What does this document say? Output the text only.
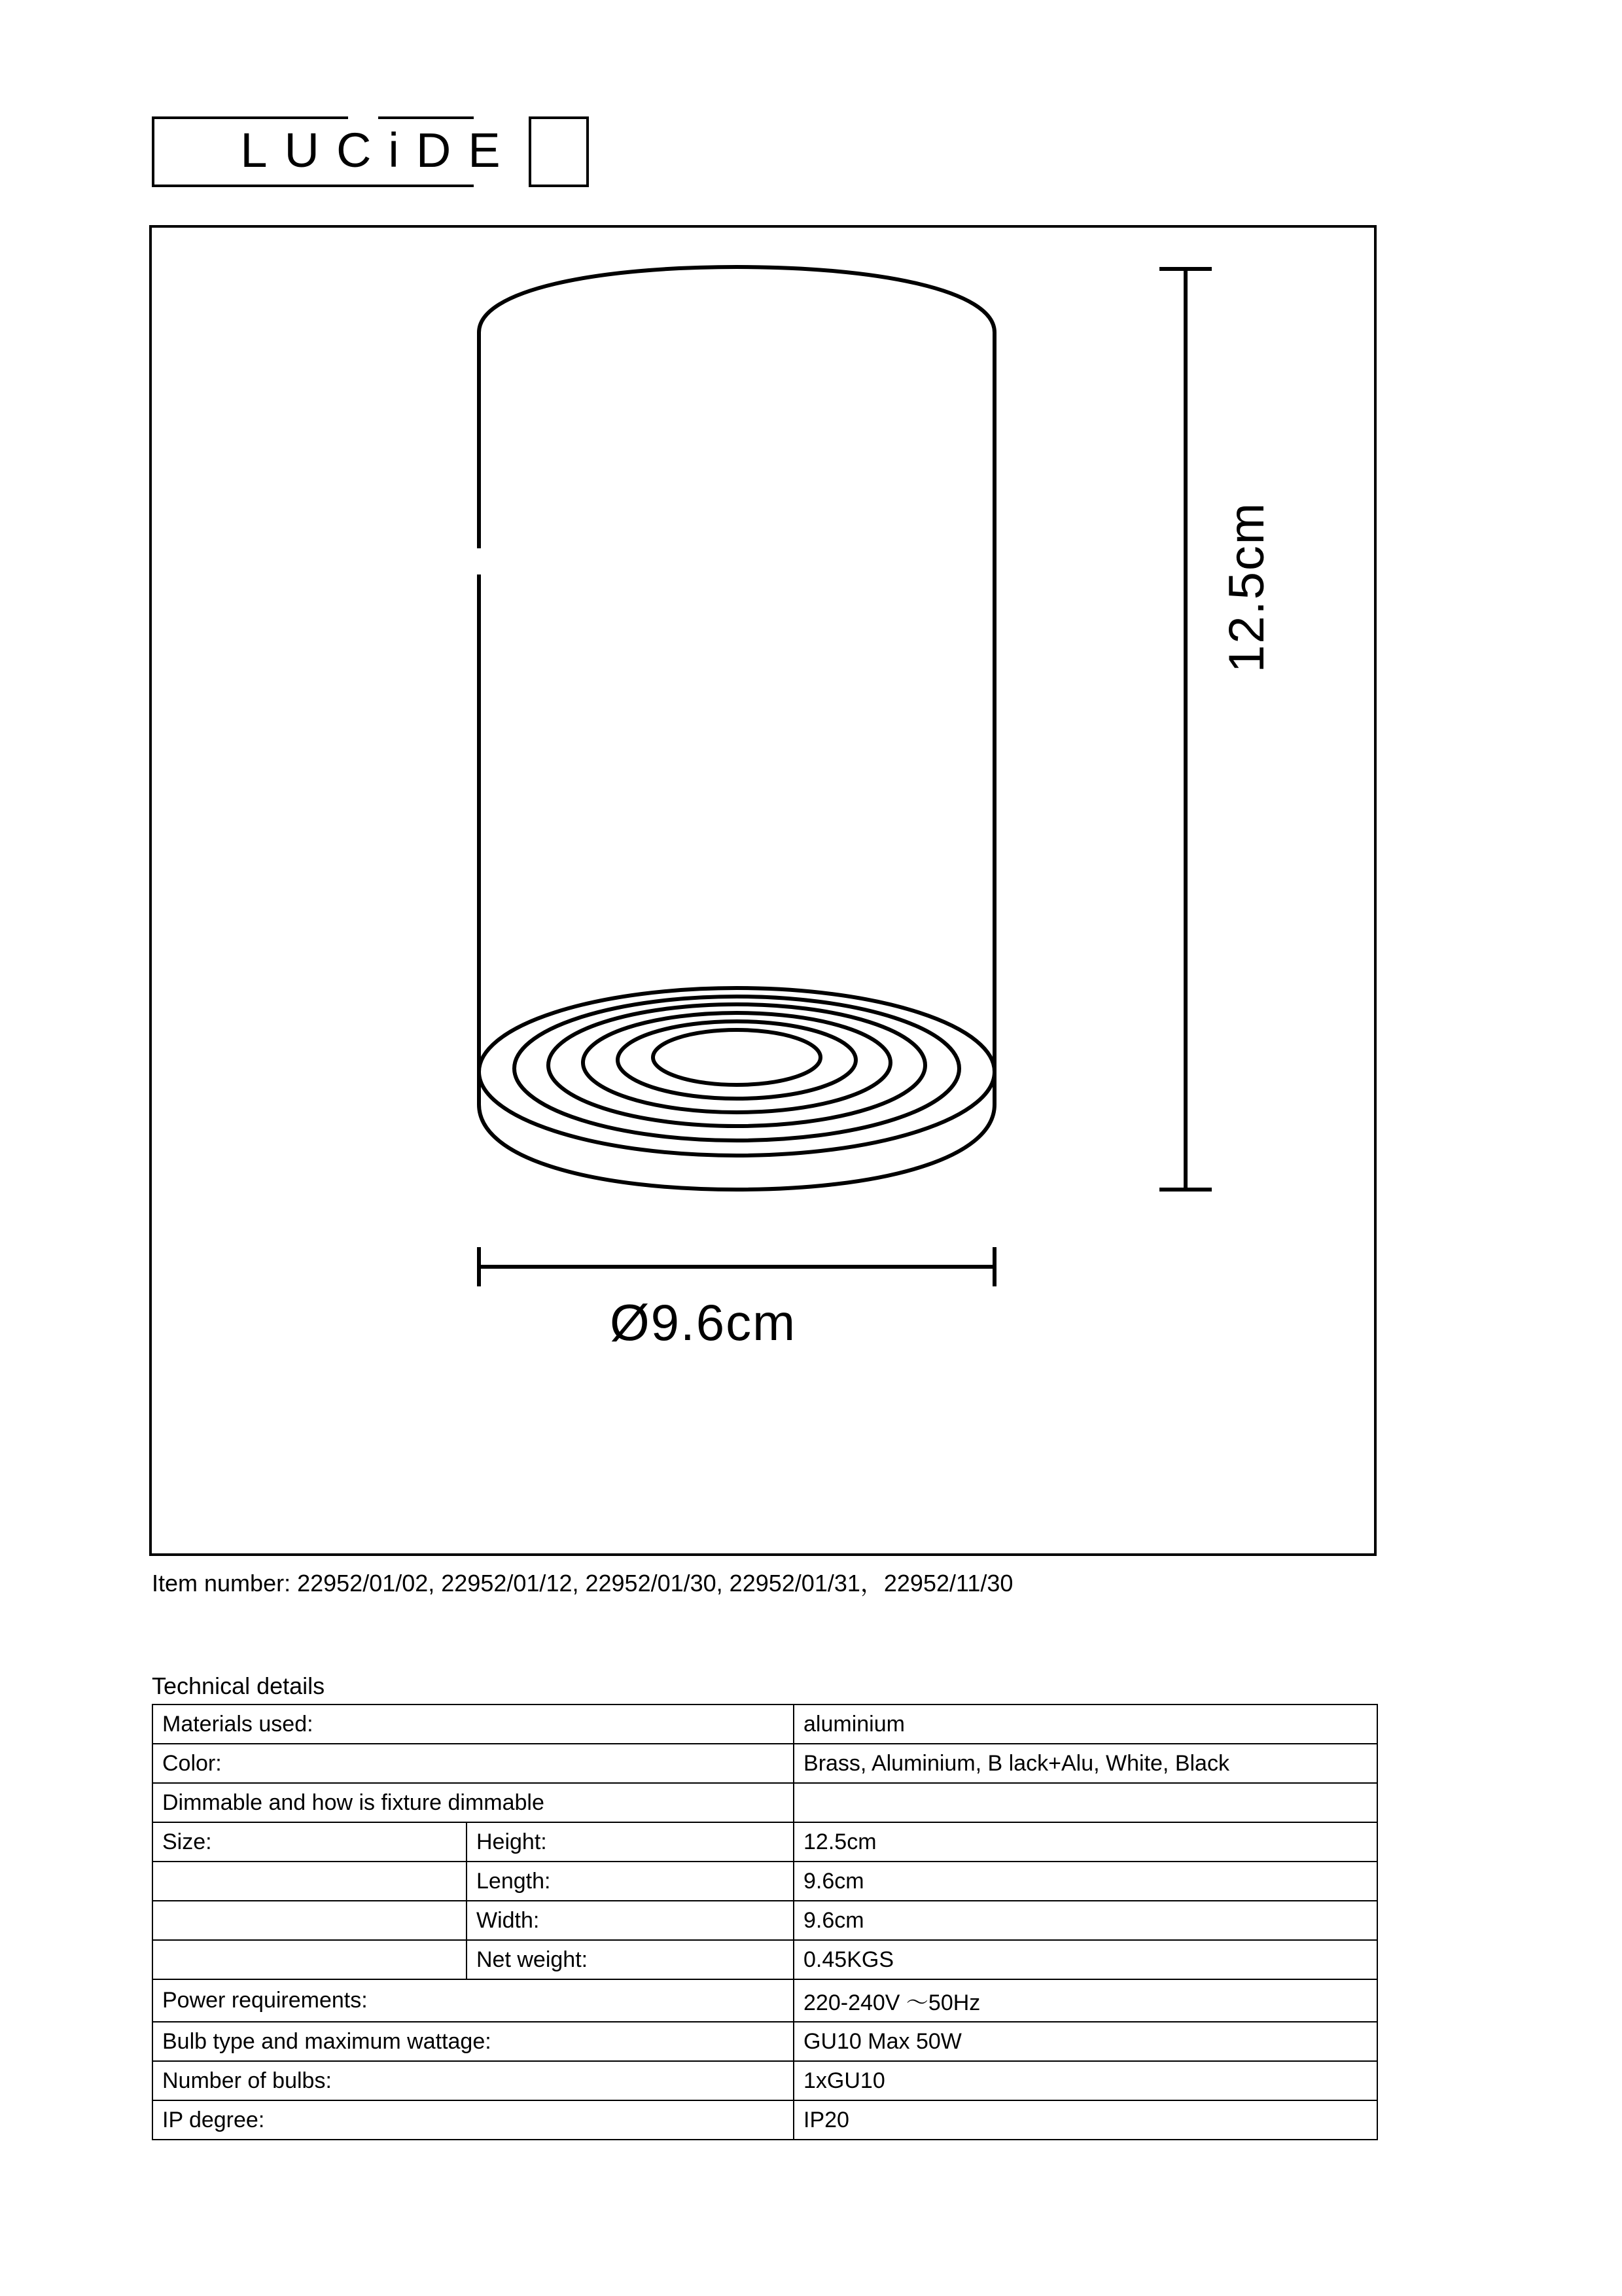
LUCiDE
12.5cm
Ø9.6cm
Item number: 22952/01/02, 22952/01/12, 22952/01/30, 22952/01/31，22952/11/30
Technical details
Materials used:		aluminium
Color:		Brass, Aluminium, B lack+Alu, White, Black
Dimmable and how is fixture dimmable		
Size:	Height:	12.5cm
	Length:	9.6cm
	Width:	9.6cm
	Net weight:	0.45KGS
Power requirements:		220-240V ～50Hz
Bulb type and maximum wattage:		GU10 Max 50W
Number of bulbs:		1xGU10
IP degree:		IP20
